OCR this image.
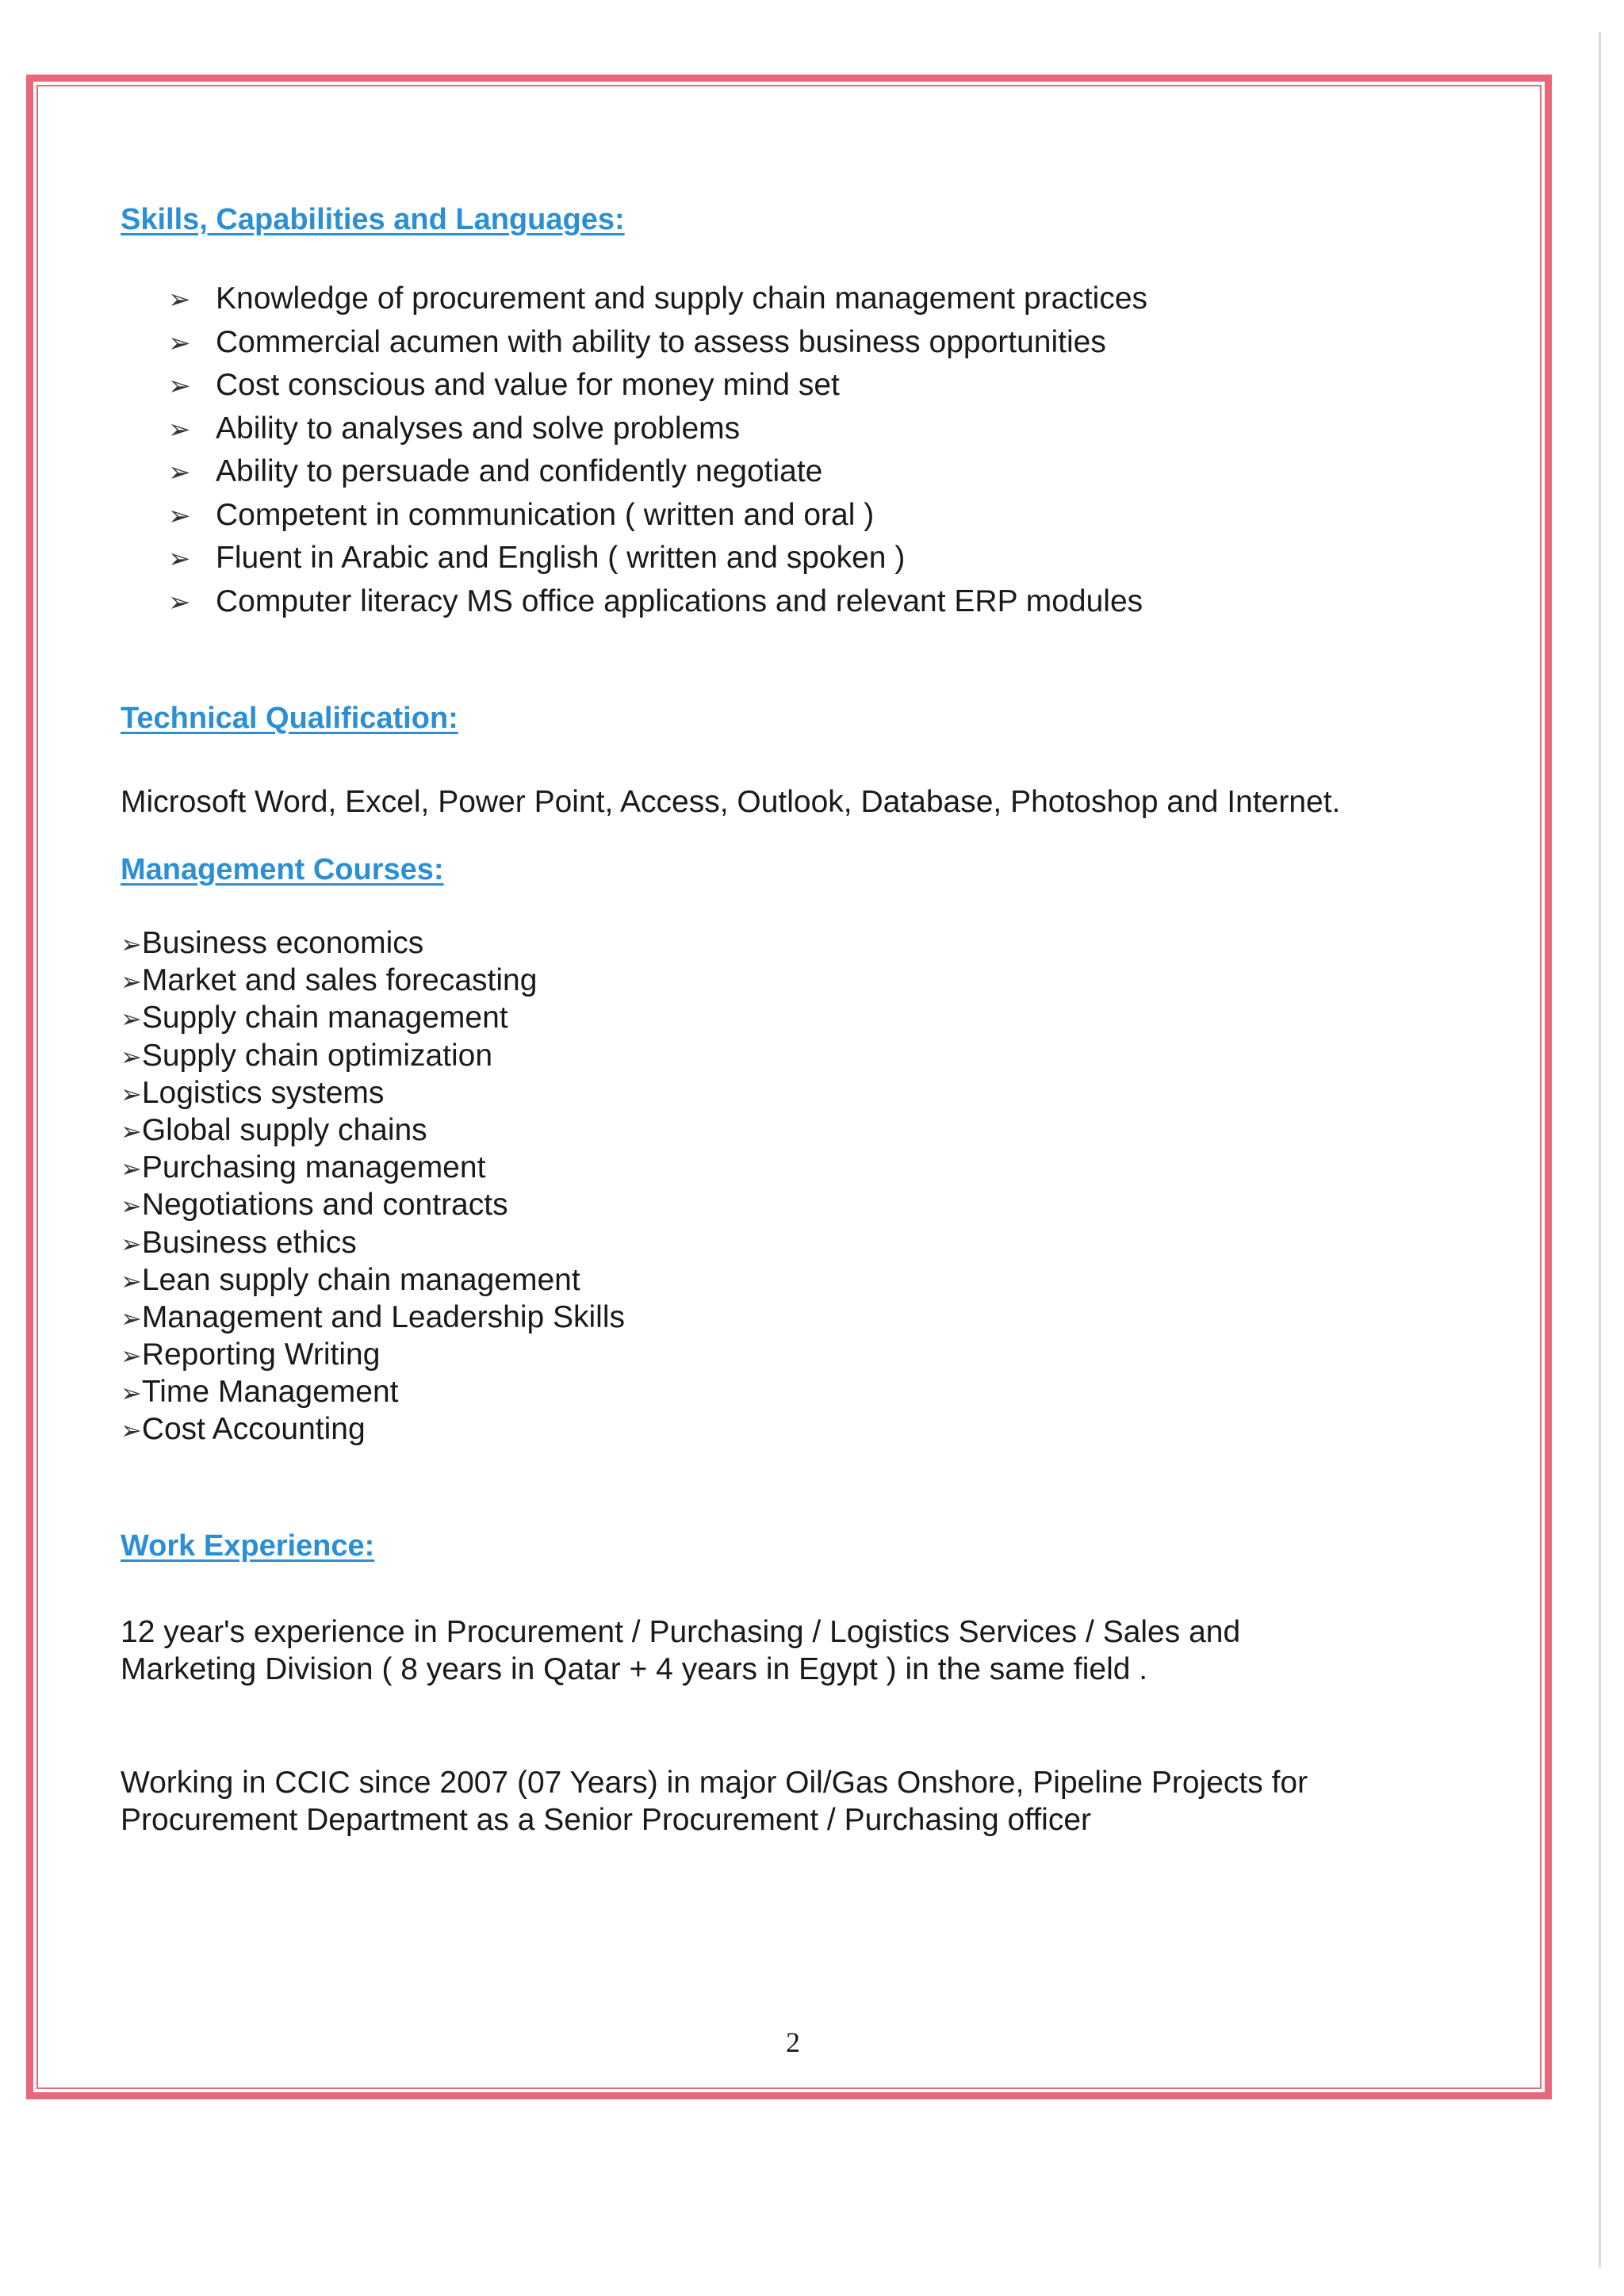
Skills, Capabilities and Languages:
➢ Knowledge of procurement and supply chain management practices
➢ Commercial acumen with ability to assess business opportunities
➢ Cost conscious and value for money mind set
➢ Ability to analyses and solve problems
➢ Ability to persuade and confidently negotiate
➢ Competent in communication ( written and oral )
➢ Fluent in Arabic and English ( written and spoken )
➢ Computer literacy MS office applications and relevant ERP modules
Technical Qualification:

Microsoft Word, Excel, Power Point, Access, Outlook, Database, Photoshop and Internet.

Management Courses:
➢Business economics
➢Market and sales forecasting
➢Supply chain management
➢Supply chain optimization
➢Logistics systems
➢Global supply chains
➢Purchasing management
➢Negotiations and contracts
➢Business ethics
➢Lean supply chain management
➢Management and Leadership Skills
➢Reporting Writing
➢Time Management
➢Cost Accounting
Work Experience:

12 year's experience in Procurement / Purchasing / Logistics Services / Sales and
Marketing Division ( 8 years in Qatar + 4 years in Egypt ) in the same field .

Working in CCIC since 2007 (07 Years) in major Oil/Gas Onshore, Pipeline Projects for
Procurement Department as a Senior Procurement / Purchasing officer

2
